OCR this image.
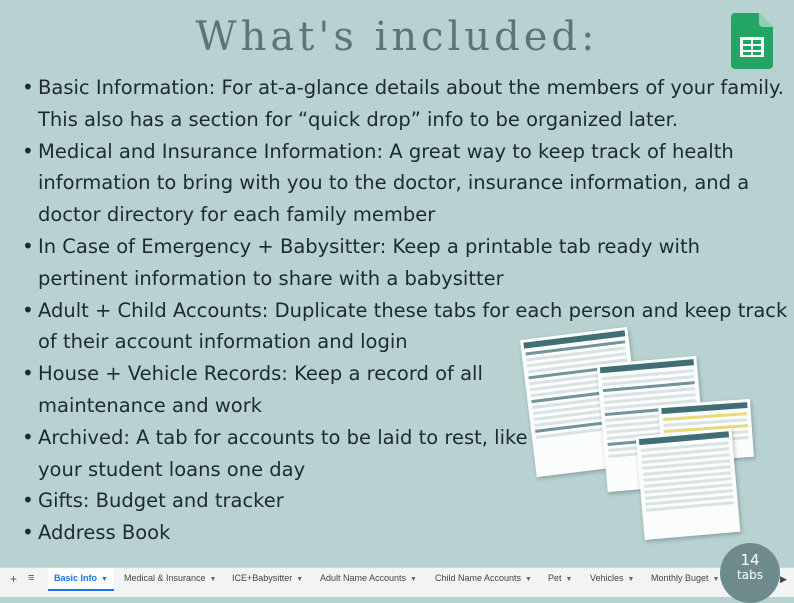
What's included:
• Basic Information: For at-a-glance details about the members of your family. This also has a section for “quick drop” info to be organized later.
• Medical and Insurance Information: A great way to keep track of health information to bring with you to the doctor, insurance information, and a doctor directory for each family member
• In Case of Emergency + Babysitter: Keep a printable tab ready with pertinent information to share with a babysitter
• Adult + Child Accounts: Duplicate these tabs for each person and keep track of their account information and login
• House + Vehicle Records: Keep a record of all maintenance and work
• Archived: A tab for accounts to be laid to rest, like your student loans one day
• Gifts: Budget and tracker
• Address Book
+ ≡	Basic Info ▼	Medical & Insurance ▼	ICE+Babysitter ▼	Adult Name Accounts ▼	Child Name Accounts ▼	Pet ▼	Vehicles ▼	Monthly Buget ▼	▶
14
tabs
